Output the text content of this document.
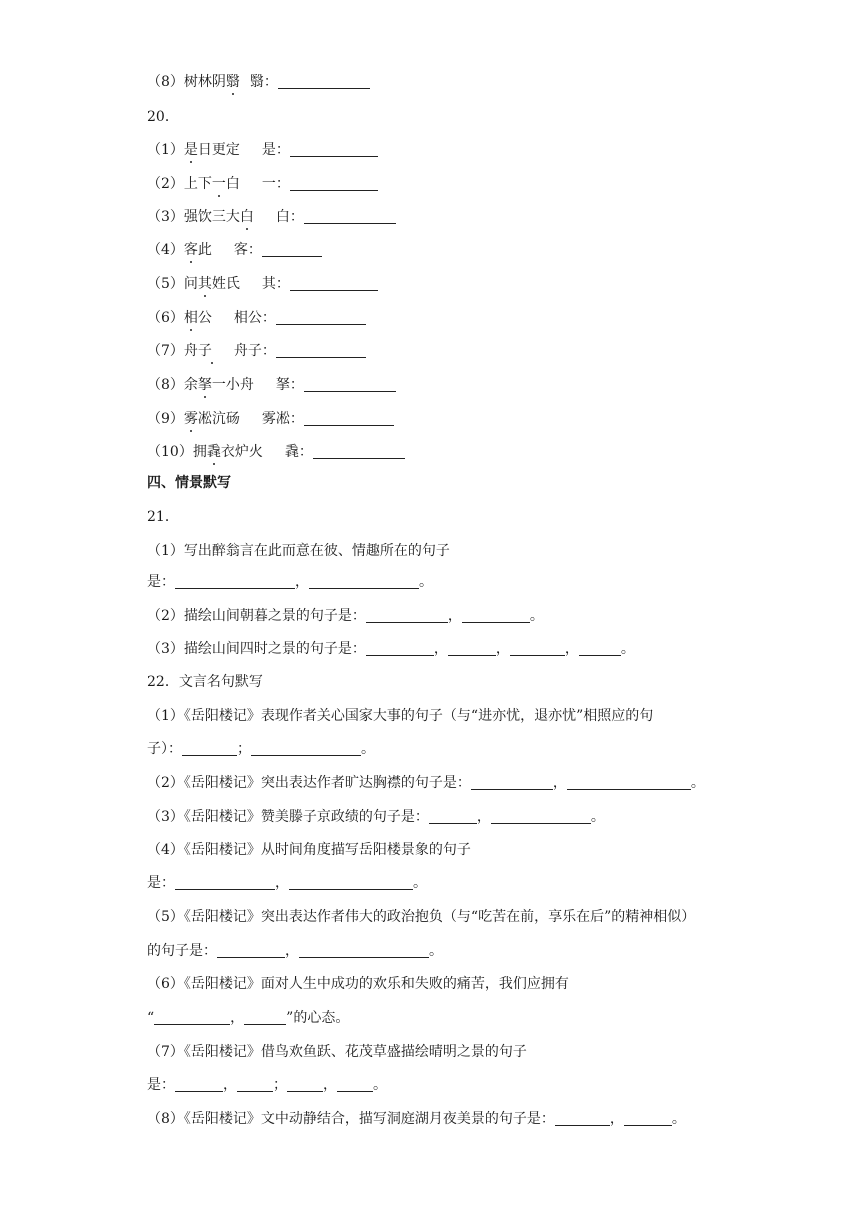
（8）树林阴翳 翳：
20．
（1）是日更定 是：
（2）上下一白 一：
（3）强饮三大白 白：
（4）客此 客：
（5）问其姓氏 其：
（6）相公 相公：
（7）舟子 舟子：
（8）余拏一小舟 拏：
（9）雾凇沆砀 雾凇：
（10）拥毳衣炉火 毳：
四、情景默写
21．
（1）写出醉翁言在此而意在彼、情趣所在的句子
是：	，	。
（2）描绘山间朝暮之景的句子是：	，	。
（3）描绘山间四时之景的句子是：	，	，	，	。
22．文言名句默写
（1）《岳阳楼记》表现作者关心国家大事的句子（与“进亦忧，退亦忧”相照应的句
子）：	；	。
（2）《岳阳楼记》突出表达作者旷达胸襟的句子是：	，	。
（3）《岳阳楼记》赞美滕子京政绩的句子是：	，	。
（4）《岳阳楼记》从时间角度描写岳阳楼景象的句子
是：	，	。
（5）《岳阳楼记》突出表达作者伟大的政治抱负（与“吃苦在前，享乐在后”的精神相似）
的句子是：	，	。
（6）《岳阳楼记》面对人生中成功的欢乐和失败的痛苦，我们应拥有
“	，	”的心态。
（7）《岳阳楼记》借鸟欢鱼跃、花茂草盛描绘晴明之景的句子
是：	，	；	，	。
（8）《岳阳楼记》文中动静结合，描写洞庭湖月夜美景的句子是：	，	。
